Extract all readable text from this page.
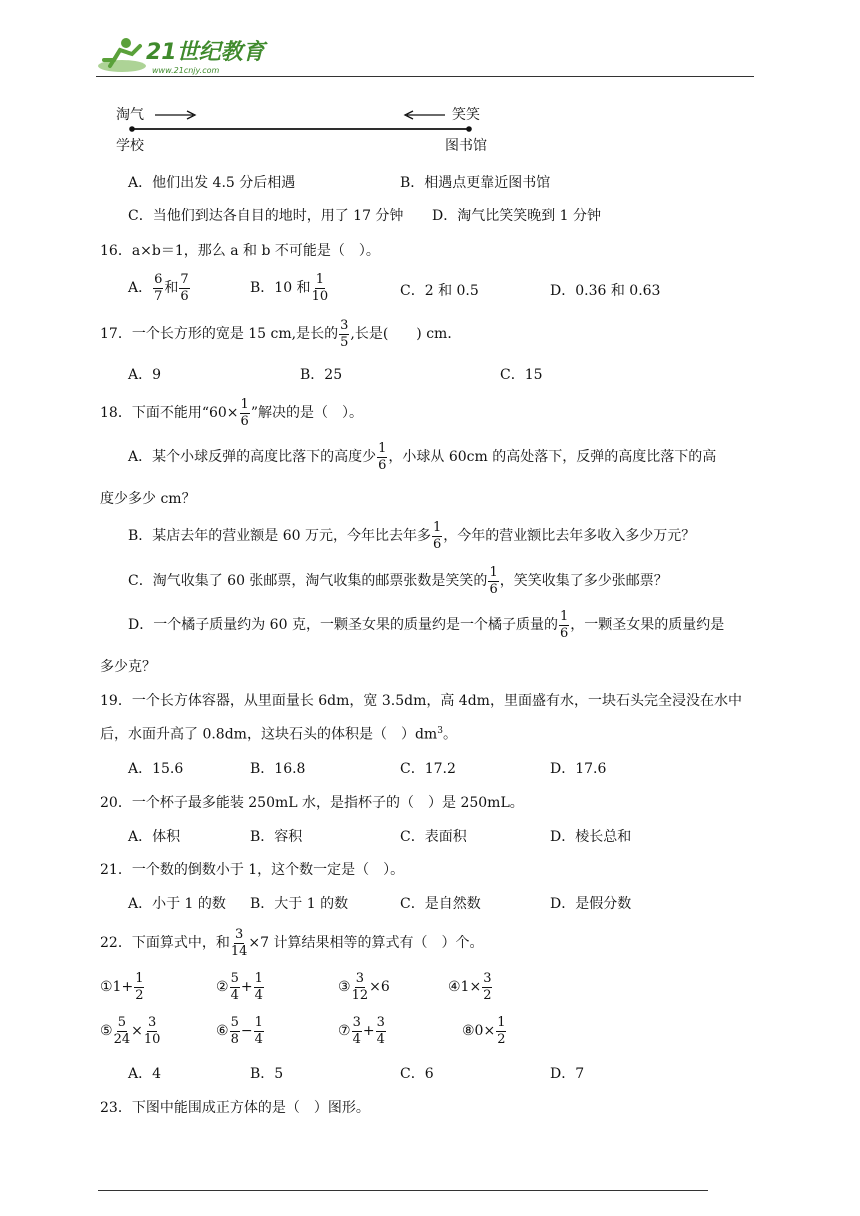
21世纪教育
www.21cnjy.com
淘气	笑笑
学校	图书馆
A．他们出发 4.5 分后相遇	B．相遇点更靠近图书馆
C．当他们到达各自目的地时，用了 17 分钟 D．淘气比笑笑晚到 1 分钟
16．a×b＝1，那么 a 和 b 不可能是（　）。
A． $\frac{6}{7}$ 和 $\frac{7}{6}$	B．10 和 $\frac{1}{10}$	C．2 和 0.5	D．0.36 和 0.63
17．一个长方形的宽是 15 cm,是长的 $\frac{3}{5}$ ,长是(　　) cm．
A．9	B．25	C．15
18．下面不能用“$60\times \frac{1}{6}$ ”解决的是（　）。
A．某个小球反弹的高度比落下的高度少 $\frac{1}{6}$ ，小球从 60cm 的高处落下，反弹的高度比落下的高
度少多少 cm？
B．某店去年的营业额是 60 万元，今年比去年多 $\frac{1}{6}$ ，今年的营业额比去年多收入多少万元？
C．淘气收集了 60 张邮票，淘气收集的邮票张数是笑笑的 $\frac{1}{6}$ ，笑笑收集了多少张邮票？
D．一个橘子质量约为 60 克，一颗圣女果的质量约是一个橘子质量的 $\frac{1}{6}$ ，一颗圣女果的质量约是
多少克？
19．一个长方体容器，从里面量长 6dm，宽 3.5dm，高 4dm，里面盛有水，一块石头完全浸没在水中
后，水面升高了 0.8dm，这块石头的体积是（　）$dm^3$。
A．15.6	B．16.8	C．17.2	D．17.6
20．一个杯子最多能装 250mL 水，是指杯子的（　）是 250mL。
A．体积	B．容积	C．表面积	D．棱长总和
21．一个数的倒数小于 1，这个数一定是（　）。
A．小于 1 的数 B．大于 1 的数	C．是自然数	D．是假分数
22．下面算式中，和 $\frac{3}{14} \times 7$ 计算结果相等的算式有（　）个。
①1+ $\frac{1}{2}$	② $\frac{5}{4} + \frac{1}{4}$	③ $\frac{3}{12} \times 6$	④1× $\frac{3}{2}$
⑤ $\frac{5}{24} \times \frac{3}{10}$	⑥ $\frac{5}{8} - \frac{1}{4}$	⑦ $\frac{3}{4} + \frac{3}{4}$	⑧0× $\frac{1}{2}$
A．4	B．5	C．6	D．7
23．下图中能围成正方体的是（　）图形。
